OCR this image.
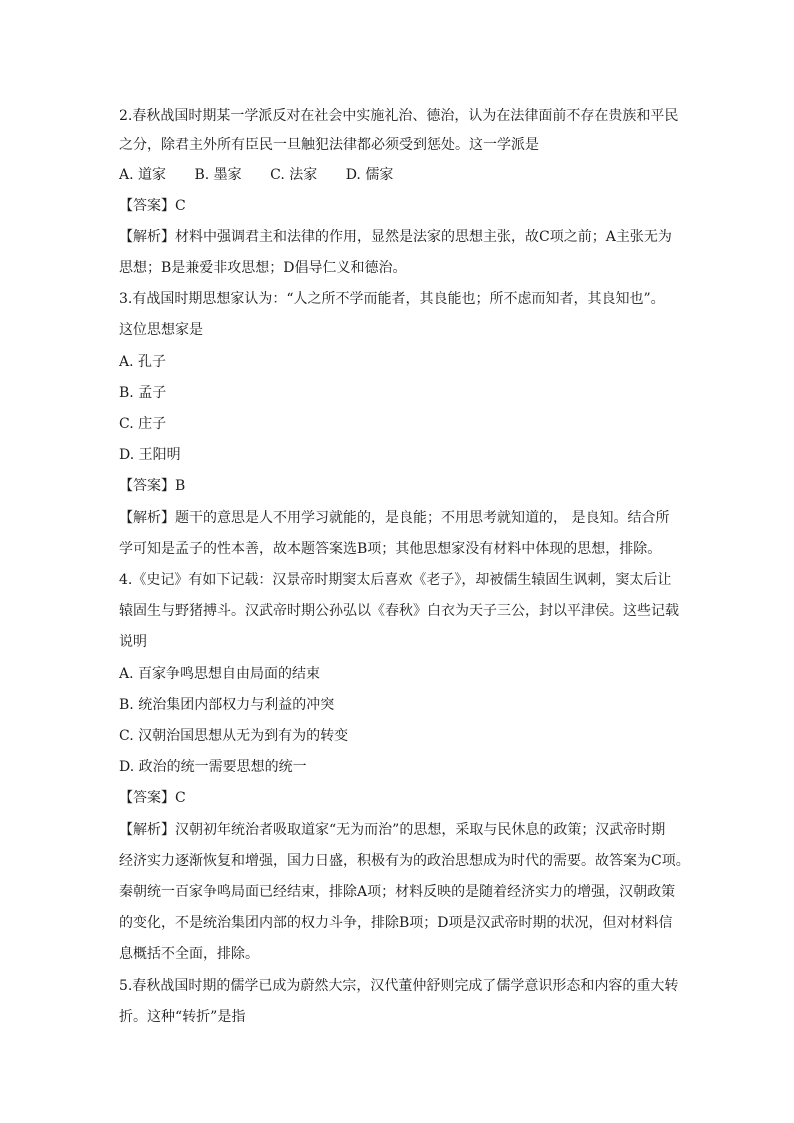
2.春秋战国时期某一学派反对在社会中实施礼治、德治，认为在法律面前不存在贵族和平民
之分，除君主外所有臣民一旦触犯法律都必须受到惩处。这一学派是
A. 道家 B. 墨家 C. 法家 D. 儒家
【答案】C
【解析】材料中强调君主和法律的作用，显然是法家的思想主张，故C项之前；A主张无为
思想；B是兼爱非攻思想；D倡导仁义和德治。
3.有战国时期思想家认为：“人之所不学而能者，其良能也；所不虑而知者，其良知也”。
这位思想家是
A. 孔子
B. 孟子
C. 庄子
D. 王阳明
【答案】B
【解析】题干的意思是人不用学习就能的，是良能；不用思考就知道的， 是良知。结合所
学可知是孟子的性本善，故本题答案选B项；其他思想家没有材料中体现的思想，排除。
4.《史记》有如下记载：汉景帝时期窦太后喜欢《老子》，却被儒生辕固生讽刺，窦太后让
辕固生与野猪搏斗。汉武帝时期公孙弘以《春秋》白衣为天子三公，封以平津侯。这些记载
说明
A. 百家争鸣思想自由局面的结束
B. 统治集团内部权力与利益的冲突
C. 汉朝治国思想从无为到有为的转变
D. 政治的统一需要思想的统一
【答案】C
【解析】汉朝初年统治者吸取道家“无为而治”的思想，采取与民休息的政策；汉武帝时期
经济实力逐渐恢复和增强，国力日盛，积极有为的政治思想成为时代的需要。故答案为C项。
秦朝统一百家争鸣局面已经结束，排除A项；材料反映的是随着经济实力的增强，汉朝政策
的变化，不是统治集团内部的权力斗争，排除B项；D项是汉武帝时期的状况，但对材料信
息概括不全面，排除。
5.春秋战国时期的儒学已成为蔚然大宗，汉代董仲舒则完成了儒学意识形态和内容的重大转
折。这种“转折”是指
